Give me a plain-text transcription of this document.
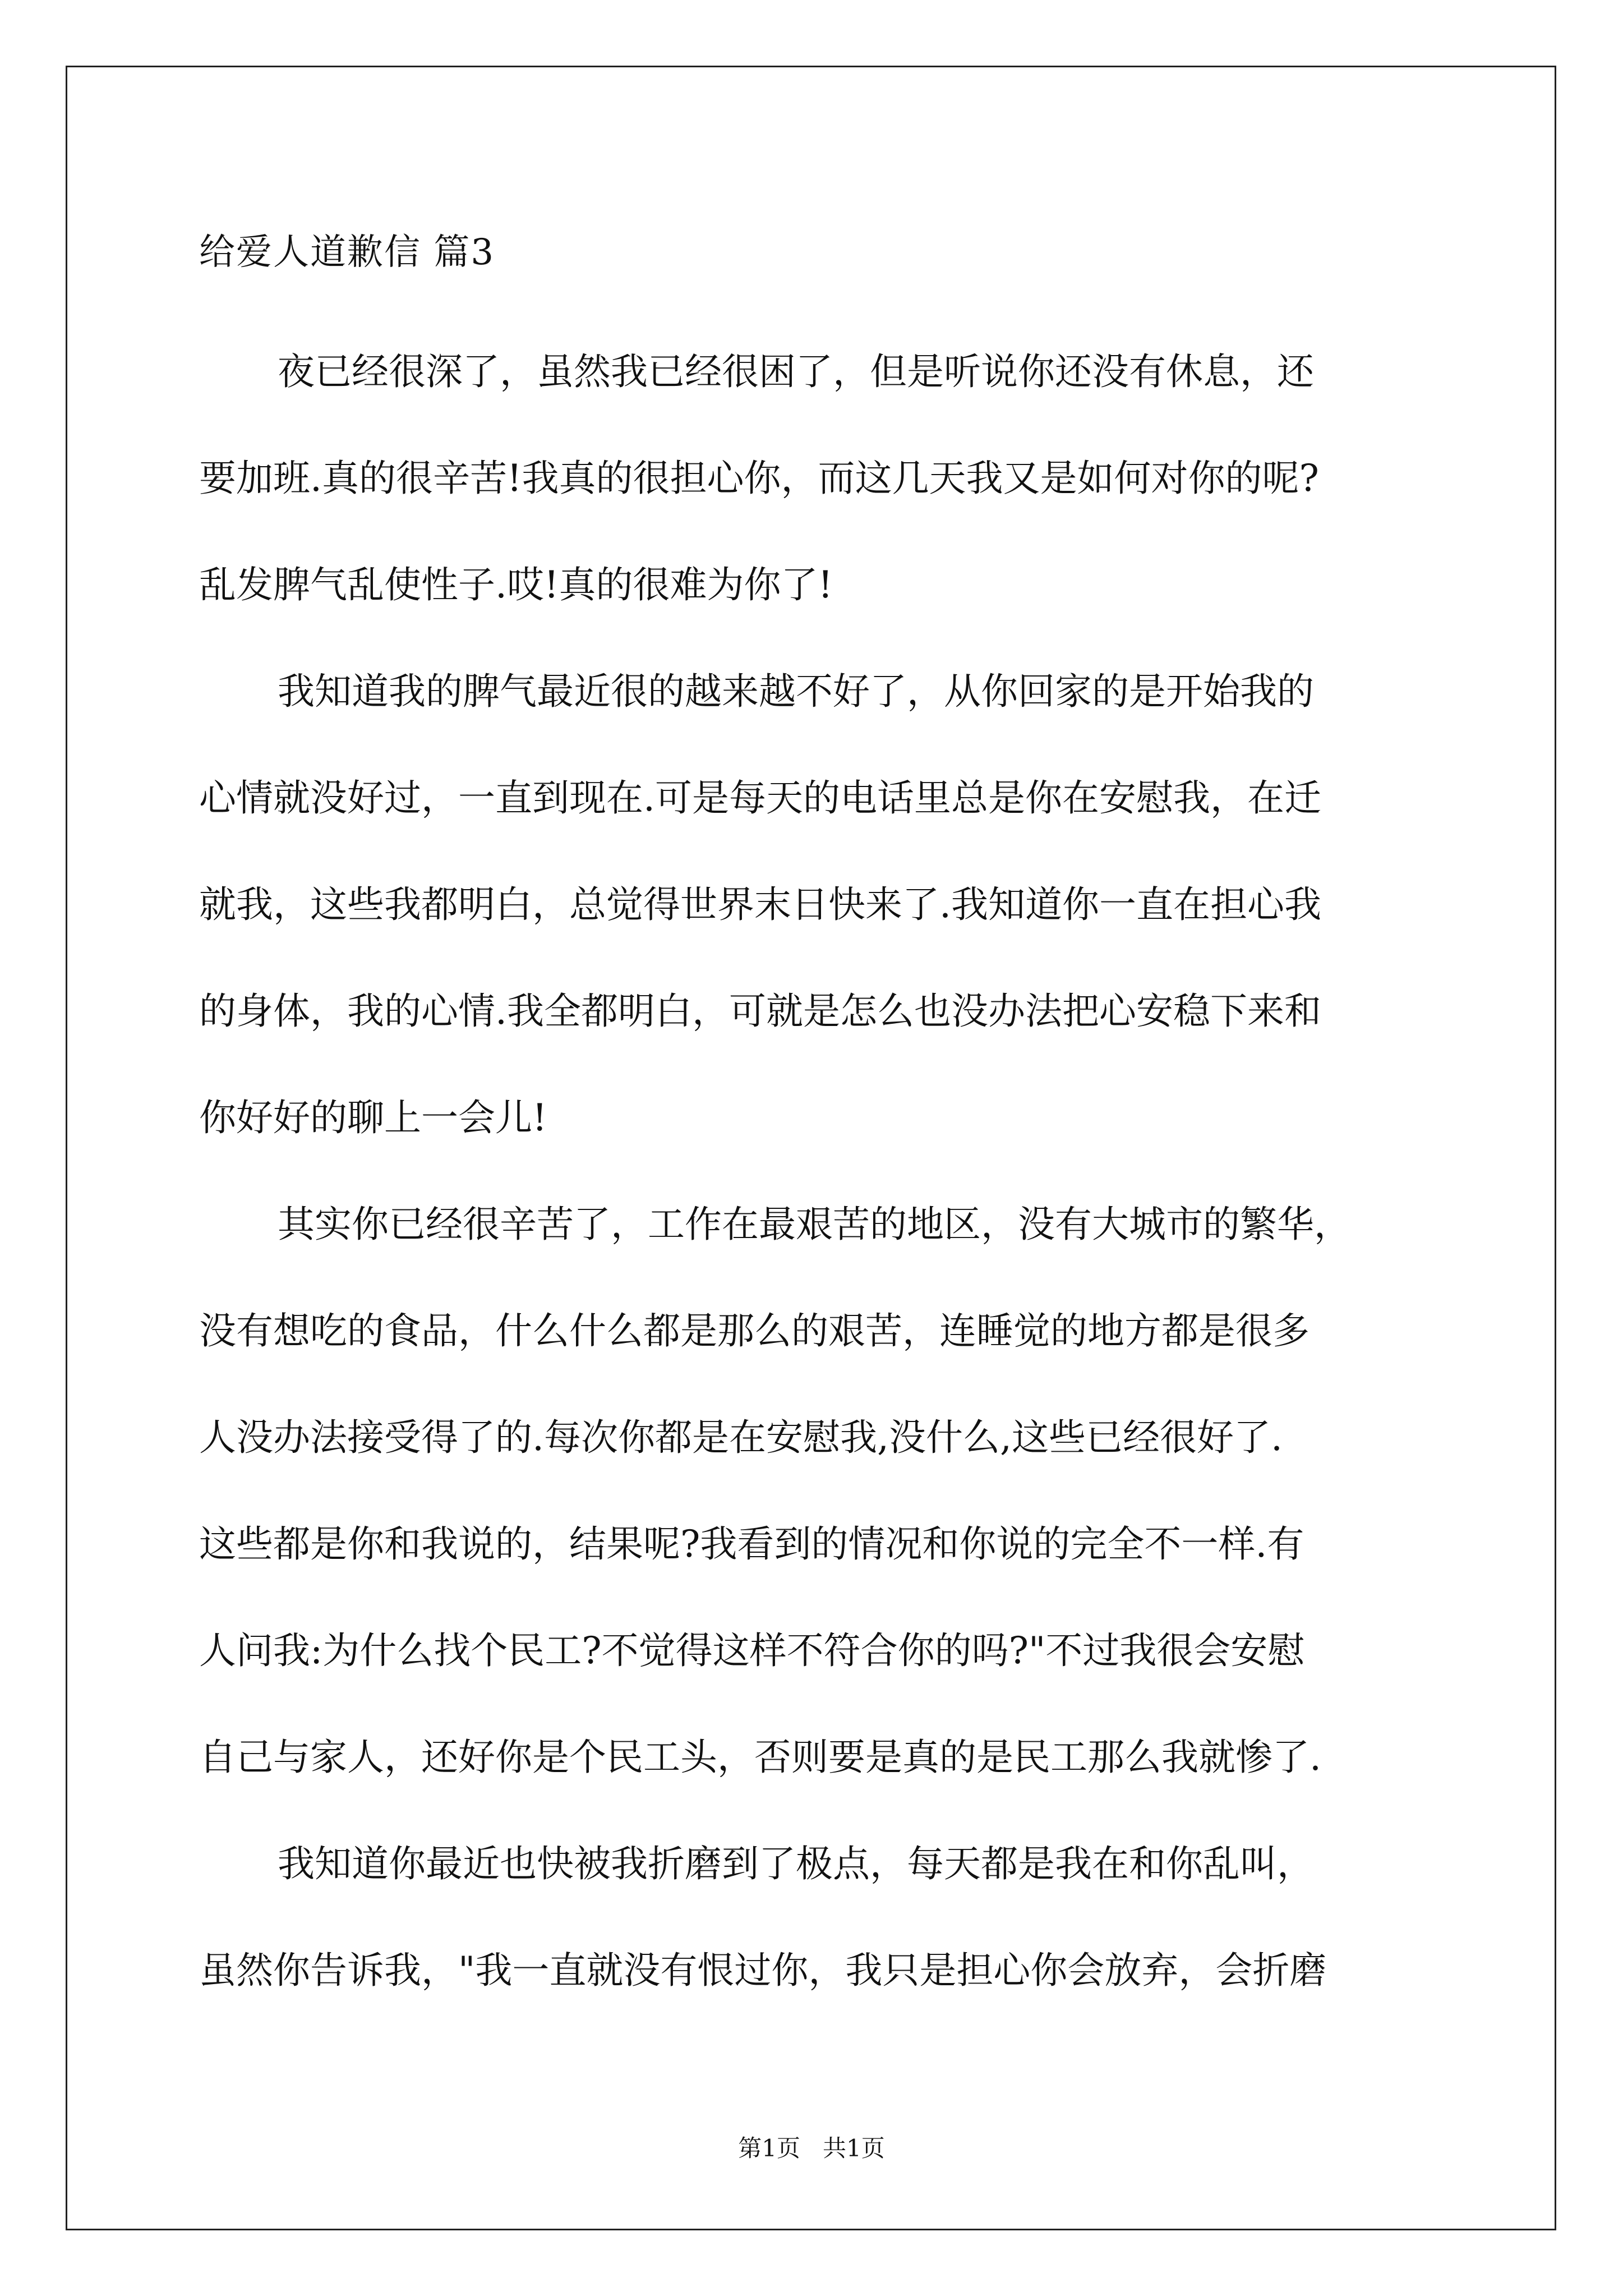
给爱人道歉信 篇3

夜已经很深了，虽然我已经很困了，但是听说你还没有休息，还

要加班.真的很辛苦!我真的很担心你，而这几天我又是如何对你的呢?

乱发脾气乱使性子.哎!真的很难为你了!

我知道我的脾气最近很的越来越不好了，从你回家的是开始我的

心情就没好过，一直到现在.可是每天的电话里总是你在安慰我，在迁

就我，这些我都明白，总觉得世界末日快来了.我知道你一直在担心我

的身体，我的心情.我全都明白，可就是怎么也没办法把心安稳下来和

你好好的聊上一会儿!

其实你已经很辛苦了，工作在最艰苦的地区，没有大城市的繁华，

没有想吃的食品，什么什么都是那么的艰苦，连睡觉的地方都是很多

人没办法接受得了的.每次你都是在安慰我,没什么,这些已经很好了.

这些都是你和我说的，结果呢?我看到的情况和你说的完全不一样.有

人问我:为什么找个民工?不觉得这样不符合你的吗?"不过我很会安慰

自己与家人，还好你是个民工头，否则要是真的是民工那么我就惨了.

我知道你最近也快被我折磨到了极点，每天都是我在和你乱叫，

虽然你告诉我，"我一直就没有恨过你，我只是担心你会放弃，会折磨

第1页   共1页
